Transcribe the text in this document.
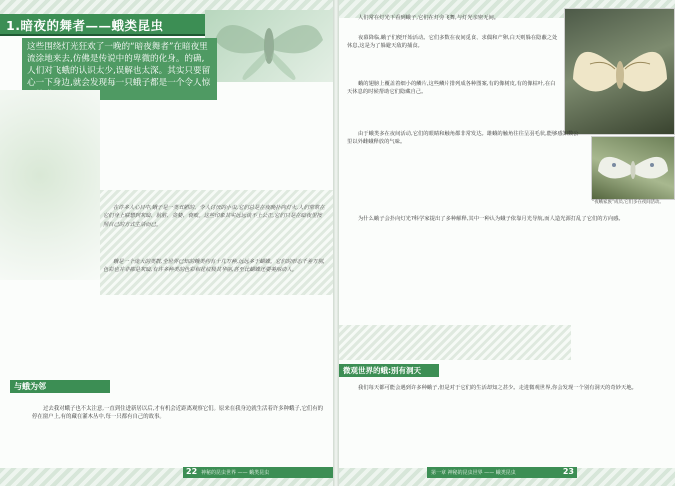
1.暗夜的舞者——蛾类昆虫

这些围绕灯光狂欢了一晚的“暗夜舞者”在暗夜里流涂地来去,仿佛是传说中的卑微的化身。的确,人们对飞蛾的认识太少,误解也太深。其实只要留心一下身边,就会发现每一只蛾子都是一个令人惊

在许多人心目中,蛾子是一类丑陋的、令人讨厌的小虫,它们总是在夜晚扑向灯火,人们常常在它们身上联想到灰暗、肮脏、贪婪、衰败。这些印象其实远远谈不上公正,它们只是在暗夜里按照自己的方式生活而已。

蛾是一个庞大的类群,全世界已知的蛾类约有十几万种,远远多于蝴蝶。它们的形态千差万别,色彩也并非都是灰暗,有许多种类的色彩和花纹极其华丽,甚至比蝴蝶还要美丽动人。

与蛾为邻

过去我对蛾子也不太注意,一直到住进新居以后,才有机会近距离观察它们。原来在我身边就生活着许多种蛾子,它们有的停在窗户上,有的藏在灌木丛中,每一只都有自己的故事。

22 神秘的昆虫世界 —— 蛾类昆虫

人们常在灯光下看到蛾子,它们在灯旁飞舞,与灯光亲密无间。

夜幕降临,蛾子们便开始活动。它们多数在夜间觅食、求偶和产卵,白天则躲在隐蔽之处休息,这是为了躲避天敌的捕食。

蛾的翅膀上覆盖着细小的鳞片,这些鳞片排列成各种图案,有的像树皮,有的像枯叶,在白天休息的时候帮助它们隐藏自己。

“夜蛾家族”成员,它们多在夜间活动。

由于蛾类多在夜间活动,它们的眼睛和触角都非常发达。雄蛾的触角往往呈羽毛状,能够感知数公里以外雌蛾释放的气味。

为什么蛾子会扑向灯光?科学家提出了多种解释,其中一种认为蛾子依靠月光导航,而人造光源打乱了它们的方向感。

微观世界的蛾:别有洞天

我们每天都可能会遇到许多种蛾子,但是对于它们的生活却知之甚少。走进微观世界,你会发现一个别有洞天的奇妙天地。

第一章 神秘的昆虫世界 —— 蛾类昆虫	23
